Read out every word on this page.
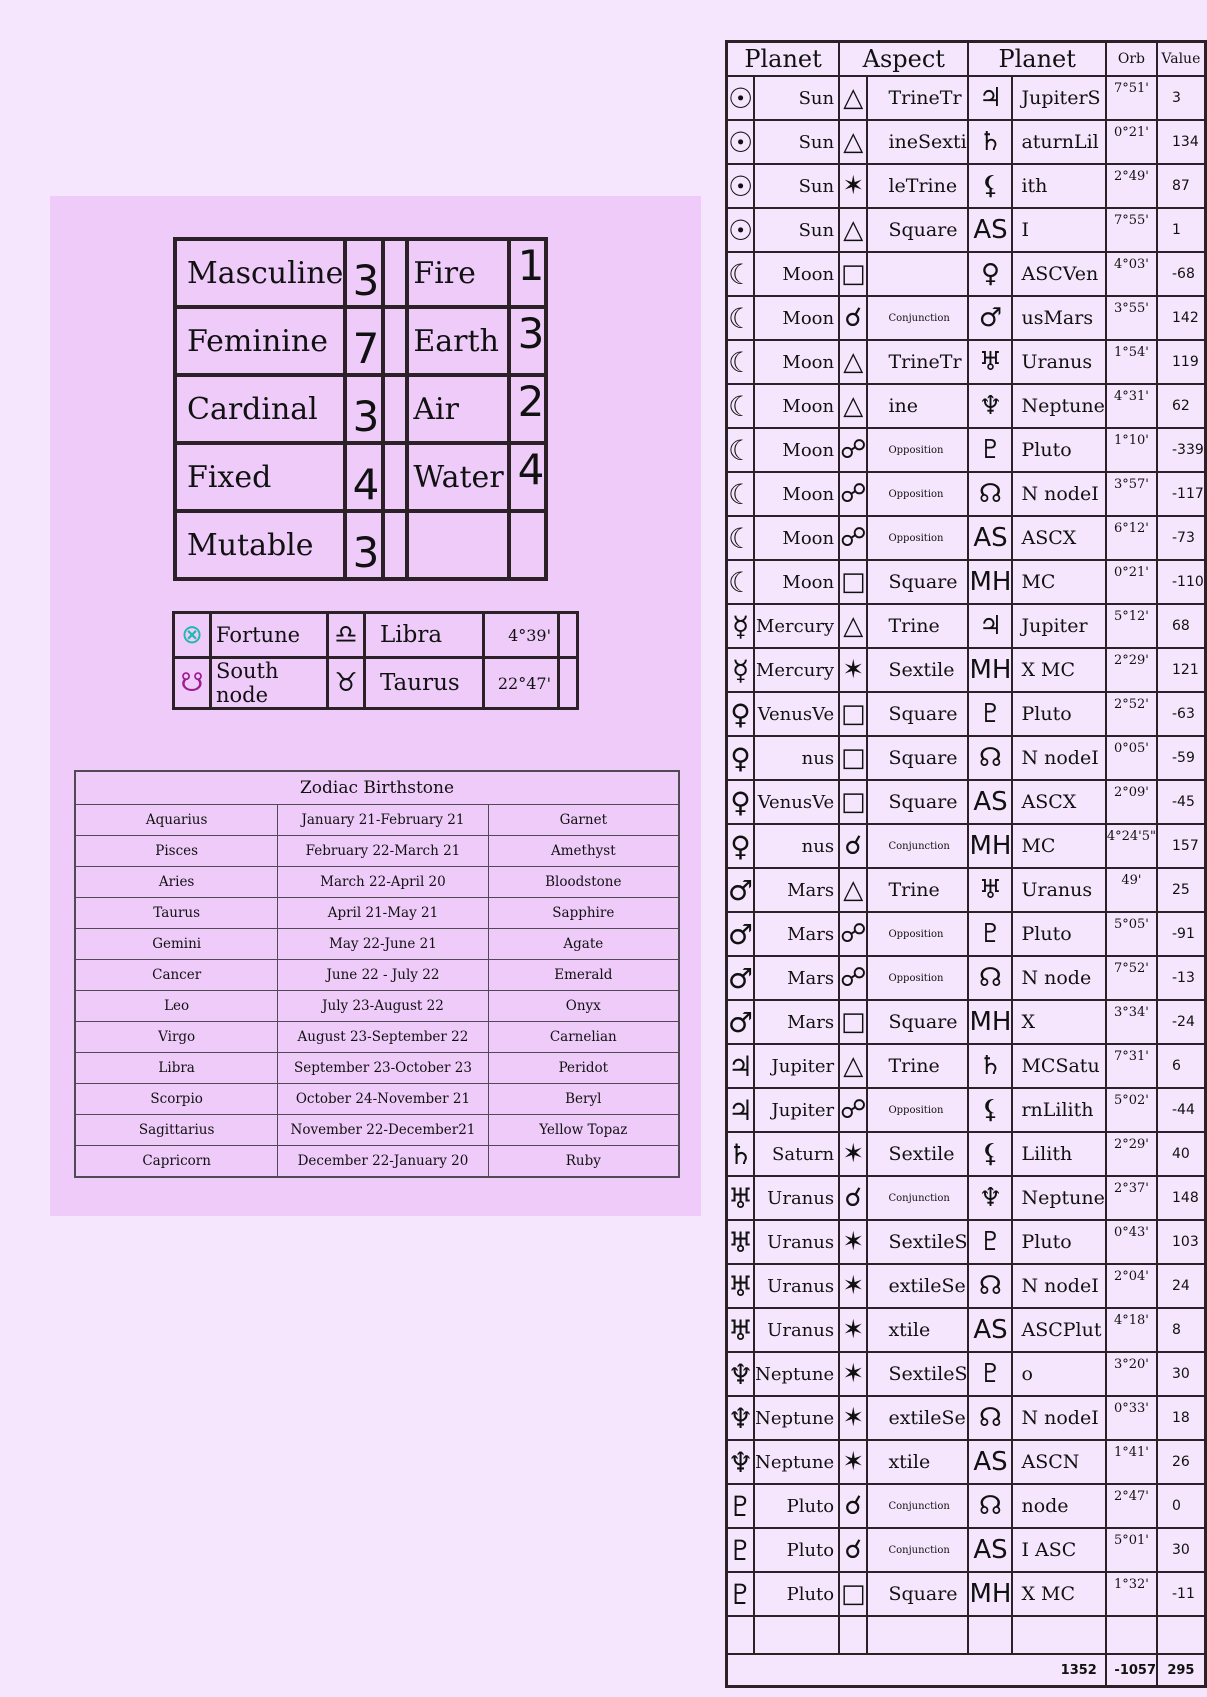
Masculine	3		Fire	1
Feminine	7		Earth	3
Cardinal	3		Air	2
Fixed	4		Water	4
Mutable	3			
⊗	Fortune	♎	Libra	4°39'	
☋	South node	♉	Taurus	22°47'	
Zodiac Birthstone		
Aquarius	January 21-February 21	Garnet
Pisces	February 22-March 21	Amethyst
Aries	March 22-April 20	Bloodstone
Taurus	April 21-May 21	Sapphire
Gemini	May 22-June 21	Agate
Cancer	June 22 - July 22	Emerald
Leo	July 23-August 22	Onyx
Virgo	August 23-September 22	Carnelian
Libra	September 23-October 23	Peridot
Scorpio	October 24-November 21	Beryl
Sagittarius	November 22-December21	Yellow Topaz
Capricorn	December 22-January 20	Ruby
Planet		Aspect		Planet		Orb	Value
☉	Sun	△	TrineTr	♃	JupiterS	7°51'	3
☉	Sun	△	ineSexti	♄	aturnLil	0°21'	134
☉	Sun	✶	leTrine	⚸	ith	2°49'	87
☉	Sun	△	Square	AS	I	7°55'	1
☾	Moon	□		♀	ASCVen	4°03'	-68
☾	Moon	☌	Conjunction	♂	usMars	3°55'	142
☾	Moon	△	TrineTr	♅	Uranus	1°54'	119
☾	Moon	△	ine	♆	Neptune	4°31'	62
☾	Moon	☍	Opposition	♇	Pluto	1°10'	-339
☾	Moon	☍	Opposition	☊	N nodeI	3°57'	-117
☾	Moon	☍	Opposition	AS	ASCX	6°12'	-73
☾	Moon	□	Square	MH	MC	0°21'	-110
☿	Mercury	△	Trine	♃	Jupiter	5°12'	68
☿	Mercury	✶	Sextile	MH	X MC	2°29'	121
♀	VenusVe	□	Square	♇	Pluto	2°52'	-63
♀	nus	□	Square	☊	N nodeI	0°05'	-59
♀	VenusVe	□	Square	AS	ASCX	2°09'	-45
♀	nus	☌	Conjunction	MH	MC	4°24'5"	157
♂	Mars	△	Trine	♅	Uranus	49'	25
♂	Mars	☍	Opposition	♇	Pluto	5°05'	-91
♂	Mars	☍	Opposition	☊	N node	7°52'	-13
♂	Mars	□	Square	MH	X	3°34'	-24
♃	Jupiter	△	Trine	♄	MCSatu	7°31'	6
♃	Jupiter	☍	Opposition	⚸	rnLilith	5°02'	-44
♄	Saturn	✶	Sextile	⚸	Lilith	2°29'	40
♅	Uranus	☌	Conjunction	♆	Neptune	2°37'	148
♅	Uranus	✶	SextileS	♇	Pluto	0°43'	103
♅	Uranus	✶	extileSe	☊	N nodeI	2°04'	24
♅	Uranus	✶	xtile	AS	ASCPlut	4°18'	8
♆	Neptune	✶	SextileS	♇	o	3°20'	30
♆	Neptune	✶	extileSe	☊	N nodeI	0°33'	18
♆	Neptune	✶	xtile	AS	ASCN	1°41'	26
♇	Pluto	☌	Conjunction	☊	node	2°47'	0
♇	Pluto	☌	Conjunction	AS	I ASC	5°01'	30
♇	Pluto	□	Square	MH	X MC	1°32'	-11

1352						-1057	295
